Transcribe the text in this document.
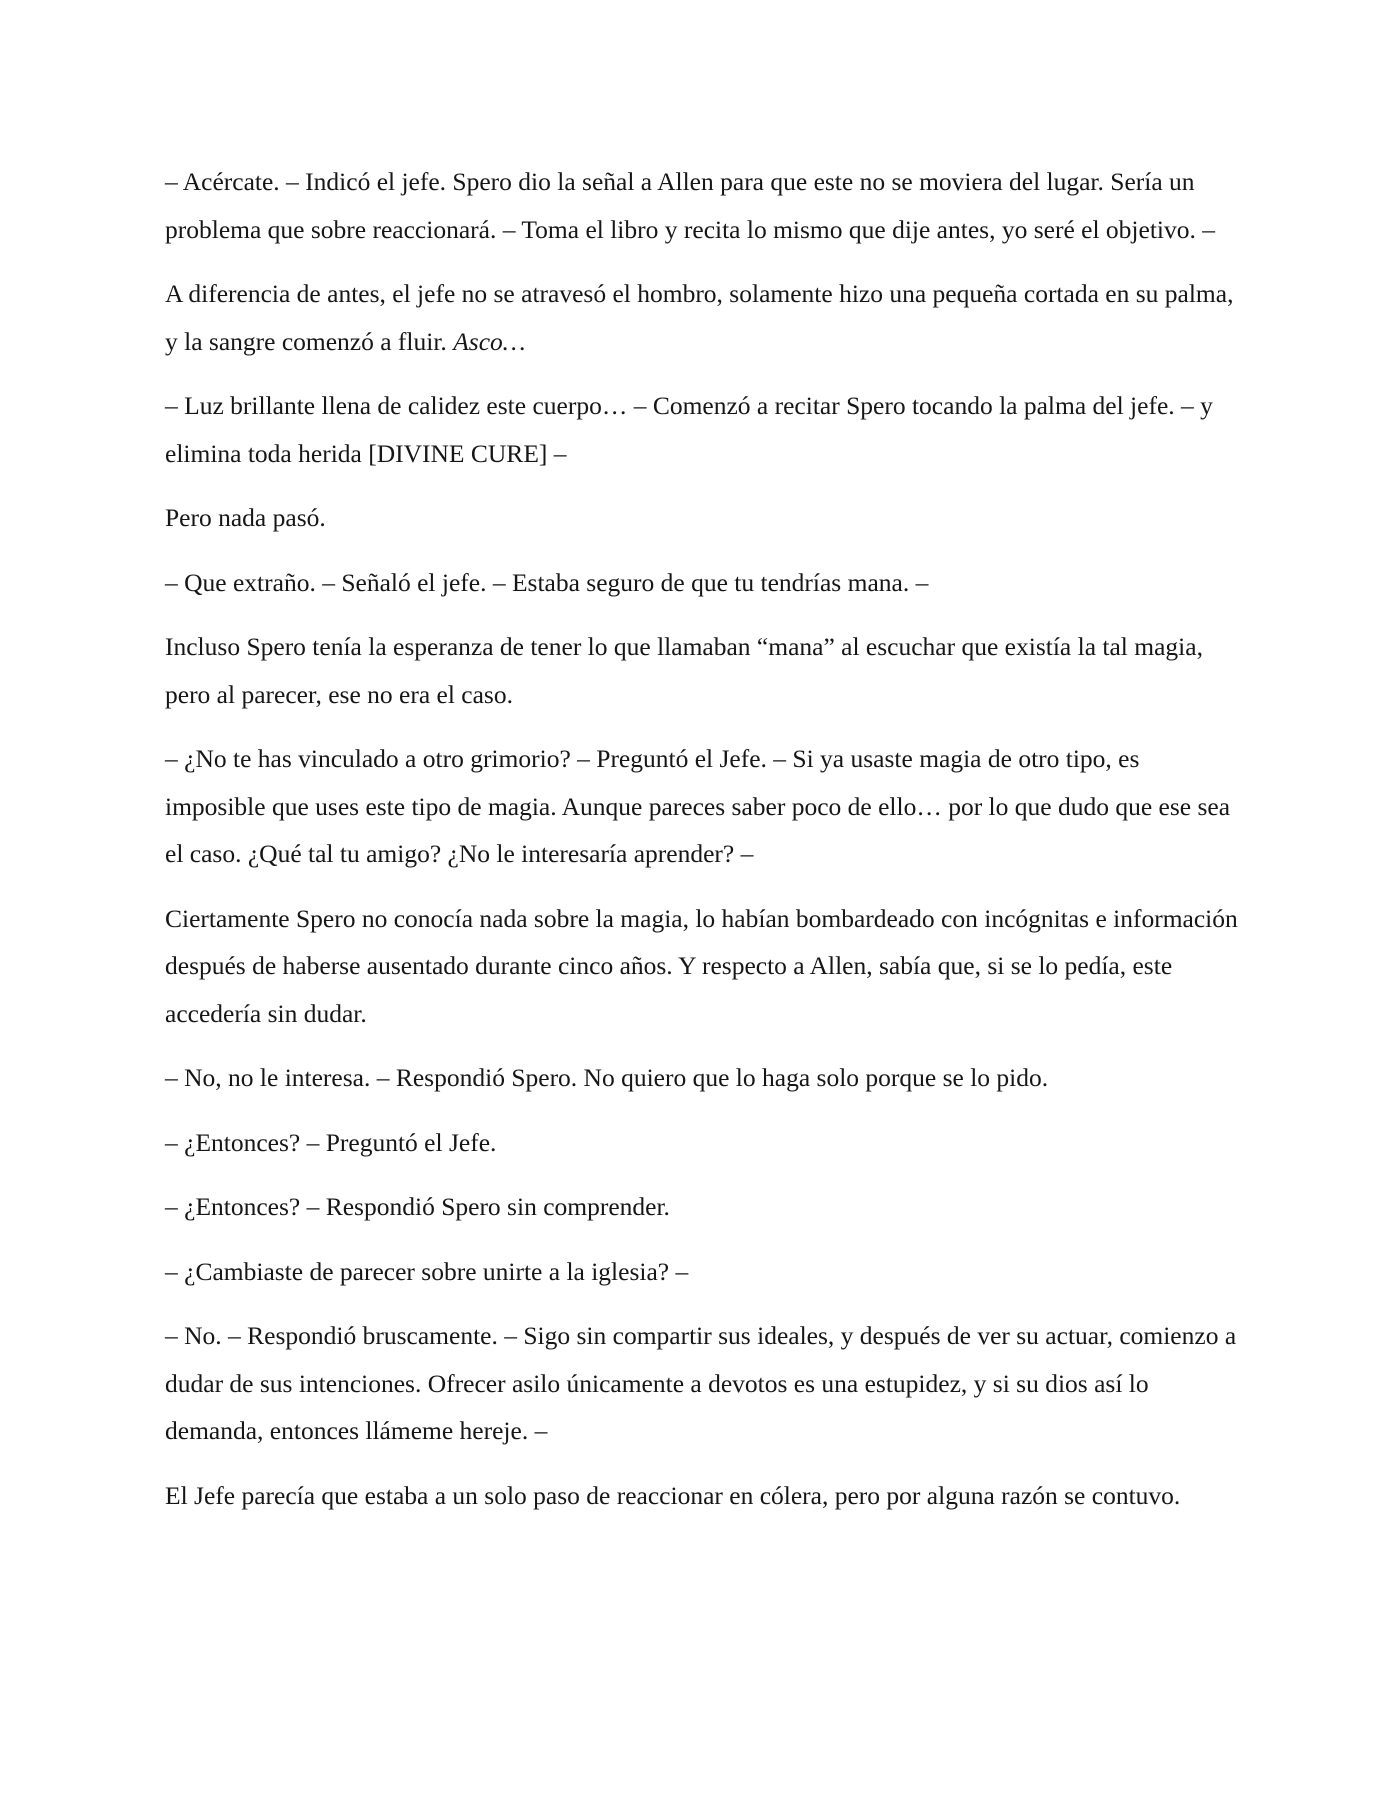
– Acércate. – Indicó el jefe. Spero dio la señal a Allen para que este no se moviera del lugar. Sería un problema que sobre reaccionará. – Toma el libro y recita lo mismo que dije antes, yo seré el objetivo. –

A diferencia de antes, el jefe no se atravesó el hombro, solamente hizo una pequeña cortada en su palma, y la sangre comenzó a fluir. Asco…

– Luz brillante llena de calidez este cuerpo… – Comenzó a recitar Spero tocando la palma del jefe. – y elimina toda herida [DIVINE CURE] –

Pero nada pasó.

– Que extraño. – Señaló el jefe. – Estaba seguro de que tu tendrías mana. –

Incluso Spero tenía la esperanza de tener lo que llamaban “mana” al escuchar que existía la tal magia, pero al parecer, ese no era el caso.

– ¿No te has vinculado a otro grimorio? – Preguntó el Jefe. – Si ya usaste magia de otro tipo, es imposible que uses este tipo de magia. Aunque pareces saber poco de ello… por lo que dudo que ese sea el caso. ¿Qué tal tu amigo? ¿No le interesaría aprender? –

Ciertamente Spero no conocía nada sobre la magia, lo habían bombardeado con incógnitas e información después de haberse ausentado durante cinco años. Y respecto a Allen, sabía que, si se lo pedía, este accedería sin dudar.

– No, no le interesa. – Respondió Spero. No quiero que lo haga solo porque se lo pido.

– ¿Entonces? – Preguntó el Jefe.

– ¿Entonces? – Respondió Spero sin comprender.

– ¿Cambiaste de parecer sobre unirte a la iglesia? –

– No. – Respondió bruscamente. – Sigo sin compartir sus ideales, y después de ver su actuar, comienzo a dudar de sus intenciones. Ofrecer asilo únicamente a devotos es una estupidez, y si su dios así lo demanda, entonces llámeme hereje. –

El Jefe parecía que estaba a un solo paso de reaccionar en cólera, pero por alguna razón se contuvo.
